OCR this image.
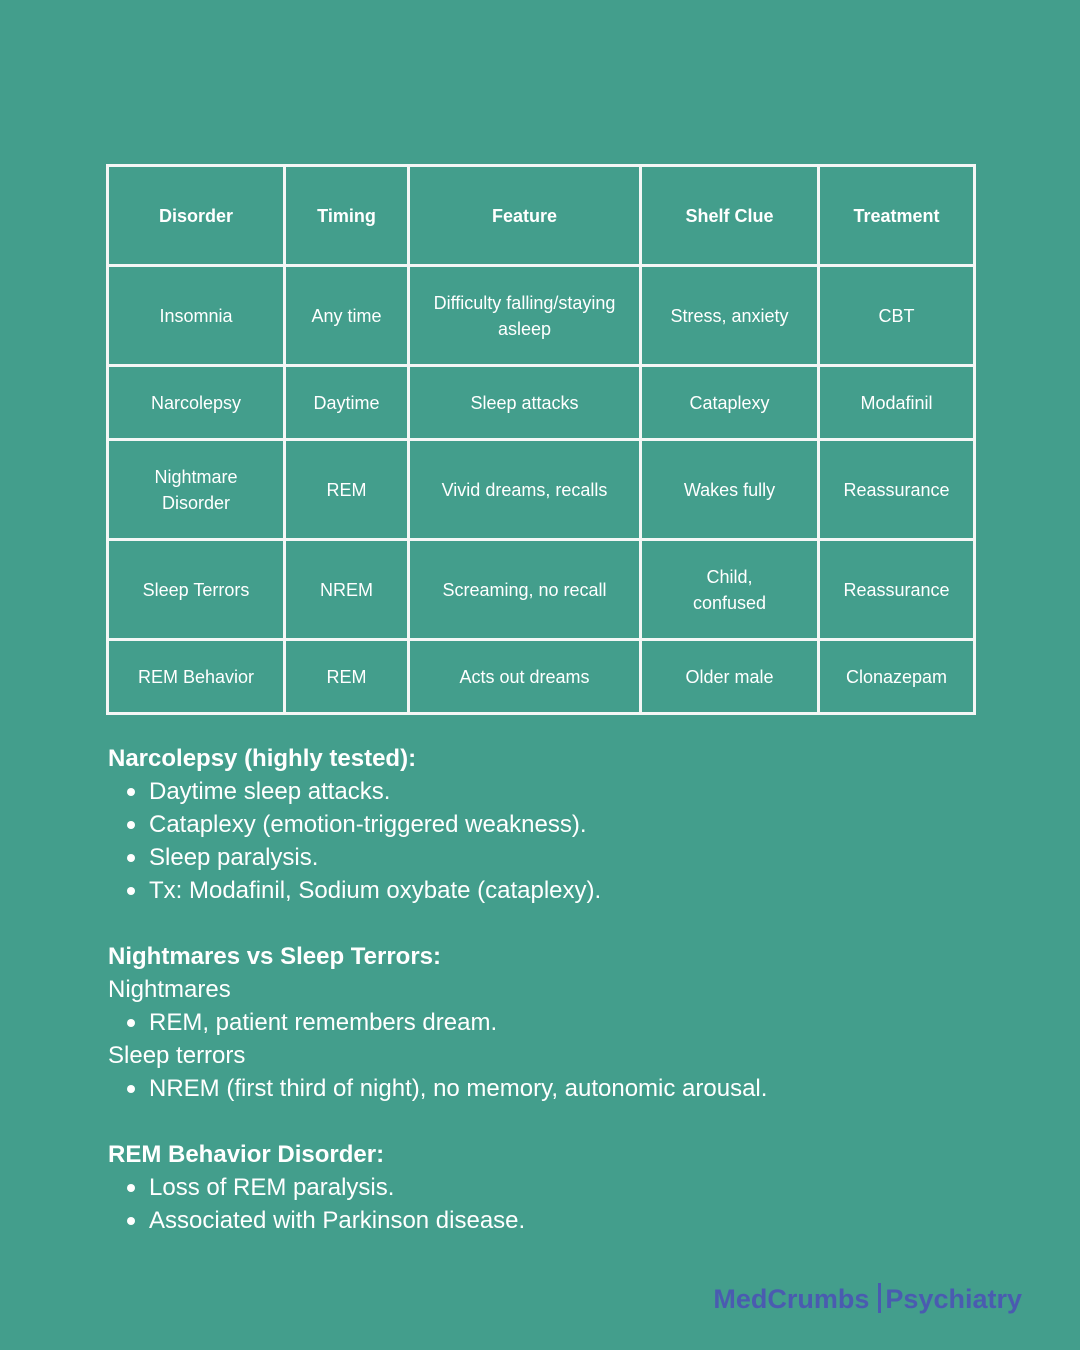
Disorder	Timing	Feature	Shelf Clue	Treatment
Insomnia	Any time	Difficulty falling/staying asleep	Stress, anxiety	CBT
Narcolepsy	Daytime	Sleep attacks	Cataplexy	Modafinil
Nightmare Disorder	REM	Vivid dreams, recalls	Wakes fully	Reassurance
Sleep Terrors	NREM	Screaming, no recall	Child, confused	Reassurance
REM Behavior	REM	Acts out dreams	Older male	Clonazepam
Narcolepsy (highly tested):
Daytime sleep attacks.
Cataplexy (emotion-triggered weakness).
Sleep paralysis.
Tx: Modafinil, Sodium oxybate (cataplexy).
Nightmares vs Sleep Terrors:
Nightmares
REM, patient remembers dream.
Sleep terrors
NREM (first third of night), no memory, autonomic arousal.
REM Behavior Disorder:
Loss of REM paralysis.
Associated with Parkinson disease.
MedCrumbs Psychiatry
